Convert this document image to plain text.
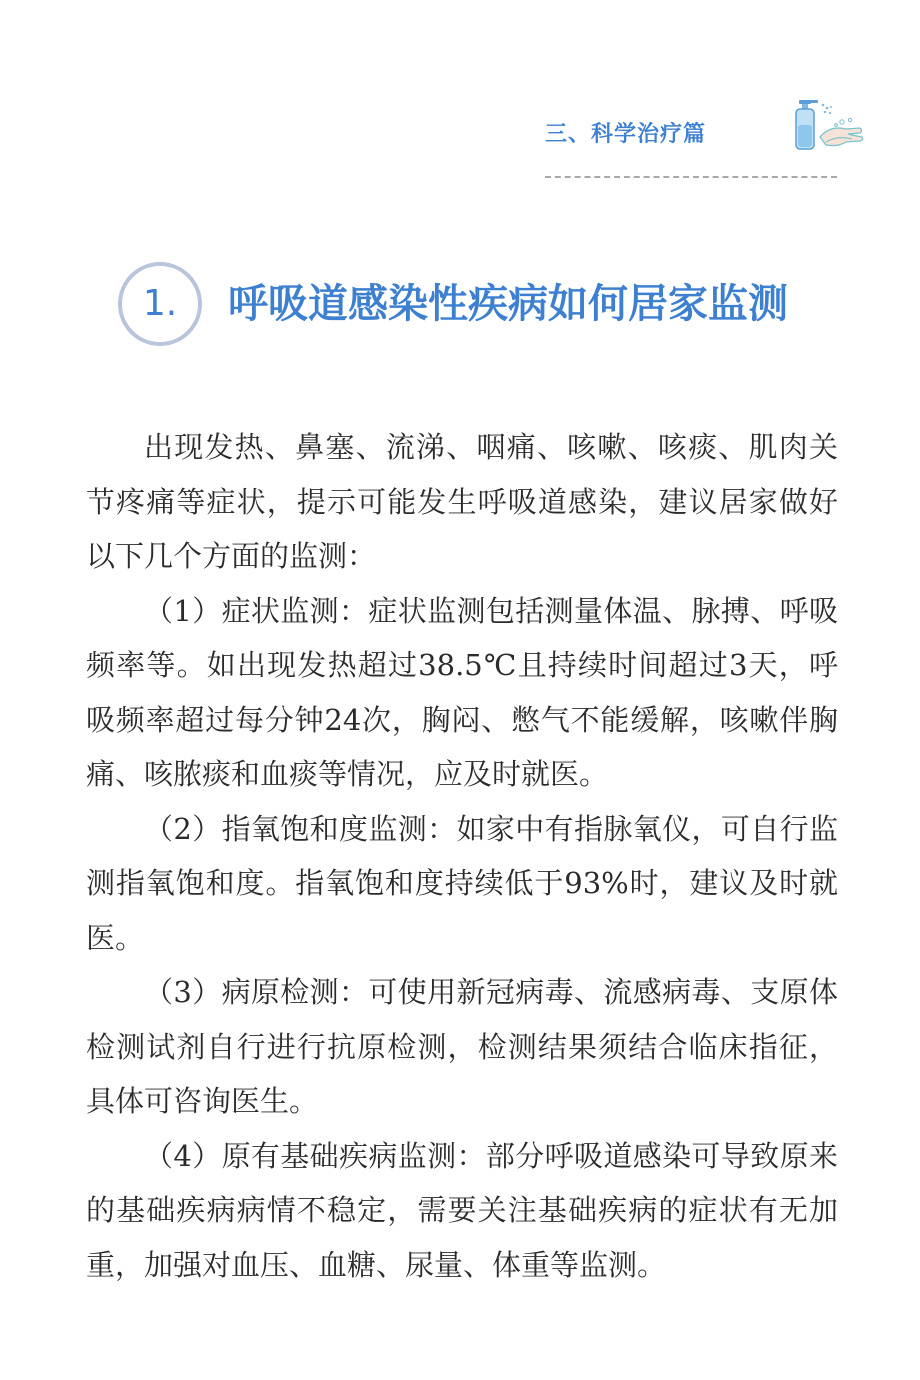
三、科学治疗篇
1.	呼吸道感染性疾病如何居家监测

出现发热、鼻塞、流涕、咽痛、咳嗽、咳痰、肌肉关节疼痛等症状，提示可能发生呼吸道感染，建议居家做好以下几个方面的监测：

（1）症状监测：症状监测包括测量体温、脉搏、呼吸频率等。如出现发热超过38.5℃且持续时间超过3天，呼吸频率超过每分钟24次，胸闷、憋气不能缓解，咳嗽伴胸痛、咳脓痰和血痰等情况，应及时就医。

（2）指氧饱和度监测：如家中有指脉氧仪，可自行监测指氧饱和度。指氧饱和度持续低于93%时，建议及时就医。

（3）病原检测：可使用新冠病毒、流感病毒、支原体检测试剂自行进行抗原检测，检测结果须结合临床指征，具体可咨询医生。

（4）原有基础疾病监测：部分呼吸道感染可导致原来的基础疾病病情不稳定，需要关注基础疾病的症状有无加重，加强对血压、血糖、尿量、体重等监测。
